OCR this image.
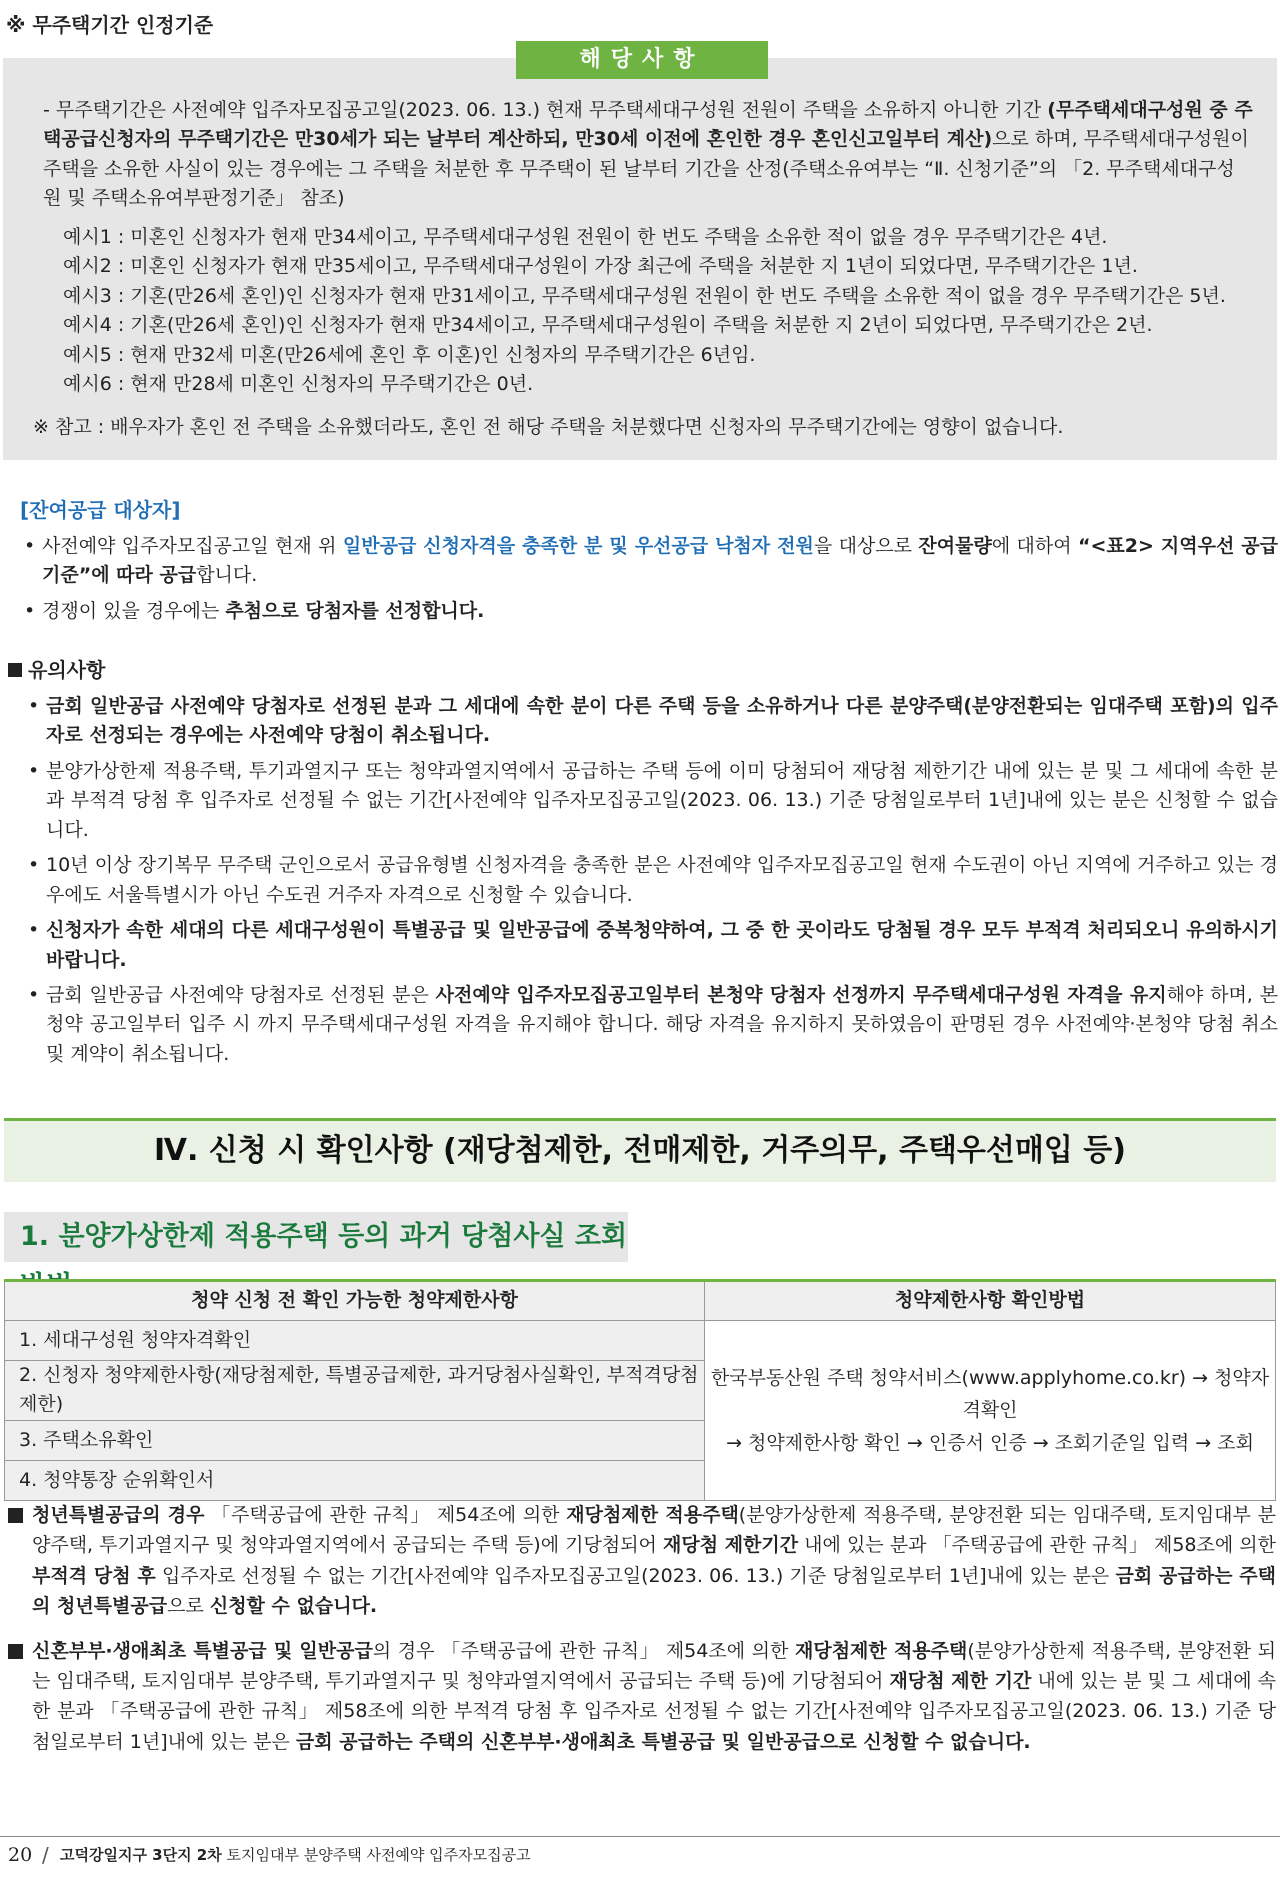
※ 무주택기간 인정기준
해당사항
- 무주택기간은 사전예약 입주자모집공고일(2023. 06. 13.) 현재 무주택세대구성원 전원이 주택을 소유하지 아니한 기간 (무주택세대구성원 중 주택공급신청자의 무주택기간은 만30세가 되는 날부터 계산하되, 만30세 이전에 혼인한 경우 혼인신고일부터 계산)으로 하며, 무주택세대구성원이 주택을 소유한 사실이 있는 경우에는 그 주택을 처분한 후 무주택이 된 날부터 기간을 산정(주택소유여부는 “Ⅱ. 신청기준”의 「2. 무주택세대구성원 및 주택소유여부판정기준」 참조)
예시1 : 미혼인 신청자가 현재 만34세이고, 무주택세대구성원 전원이 한 번도 주택을 소유한 적이 없을 경우 무주택기간은 4년.
예시2 : 미혼인 신청자가 현재 만35세이고, 무주택세대구성원이 가장 최근에 주택을 처분한 지 1년이 되었다면, 무주택기간은 1년.
예시3 : 기혼(만26세 혼인)인 신청자가 현재 만31세이고, 무주택세대구성원 전원이 한 번도 주택을 소유한 적이 없을 경우 무주택기간은 5년.
예시4 : 기혼(만26세 혼인)인 신청자가 현재 만34세이고, 무주택세대구성원이 주택을 처분한 지 2년이 되었다면, 무주택기간은 2년.
예시5 : 현재 만32세 미혼(만26세에 혼인 후 이혼)인 신청자의 무주택기간은 6년임.
예시6 : 현재 만28세 미혼인 신청자의 무주택기간은 0년.
※ 참고 : 배우자가 혼인 전 주택을 소유했더라도, 혼인 전 해당 주택을 처분했다면 신청자의 무주택기간에는 영향이 없습니다.
[잔여공급 대상자]
• 사전예약 입주자모집공고일 현재 위 일반공급 신청자격을 충족한 분 및 우선공급 낙첨자 전원을 대상으로 잔여물량에 대하여 “<표2> 지역우선 공급기준”에 따라 공급합니다.
• 경쟁이 있을 경우에는 추첨으로 당첨자를 선정합니다.
유의사항
• 금회 일반공급 사전예약 당첨자로 선정된 분과 그 세대에 속한 분이 다른 주택 등을 소유하거나 다른 분양주택(분양전환되는 임대주택 포함)의 입주자로 선정되는 경우에는 사전예약 당첨이 취소됩니다.
• 분양가상한제 적용주택, 투기과열지구 또는 청약과열지역에서 공급하는 주택 등에 이미 당첨되어 재당첨 제한기간 내에 있는 분 및 그 세대에 속한 분과 부적격 당첨 후 입주자로 선정될 수 없는 기간[사전예약 입주자모집공고일(2023. 06. 13.) 기준 당첨일로부터 1년]내에 있는 분은 신청할 수 없습니다.
• 10년 이상 장기복무 무주택 군인으로서 공급유형별 신청자격을 충족한 분은 사전예약 입주자모집공고일 현재 수도권이 아닌 지역에 거주하고 있는 경우에도 서울특별시가 아닌 수도권 거주자 자격으로 신청할 수 있습니다.
• 신청자가 속한 세대의 다른 세대구성원이 특별공급 및 일반공급에 중복청약하여, 그 중 한 곳이라도 당첨될 경우 모두 부적격 처리되오니 유의하시기 바랍니다.
• 금회 일반공급 사전예약 당첨자로 선정된 분은 사전예약 입주자모집공고일부터 본청약 당첨자 선정까지 무주택세대구성원 자격을 유지해야 하며, 본청약 공고일부터 입주 시 까지 무주택세대구성원 자격을 유지해야 합니다. 해당 자격을 유지하지 못하였음이 판명된 경우 사전예약·본청약 당첨 취소 및 계약이 취소됩니다.
Ⅳ. 신청 시 확인사항 (재당첨제한, 전매제한, 거주의무, 주택우선매입 등)
1. 분양가상한제 적용주택 등의 과거 당첨사실 조회
청약 신청 전 확인 가능한 청약제한사항	청약제한사항 확인방법
1. 세대구성원 청약자격확인	한국부동산원 주택 청약서비스(www.applyhome.co.kr) → 청약자격확인
→ 청약제한사항 확인 → 인증서 인증 → 조회기준일 입력 → 조회

2. 신청자 청약제한사항(재당첨제한, 특별공급제한, 과거당첨사실확인, 부적격당첨제한)	
3. 주택소유확인	
4. 청약통장 순위확인서	
청년특별공급의 경우 「주택공급에 관한 규칙」 제54조에 의한 재당첨제한 적용주택(분양가상한제 적용주택, 분양전환 되는 임대주택, 토지임대부 분양주택, 투기과열지구 및 청약과열지역에서 공급되는 주택 등)에 기당첨되어 재당첨 제한기간 내에 있는 분과 「주택공급에 관한 규칙」 제58조에 의한 부적격 당첨 후 입주자로 선정될 수 없는 기간[사전예약 입주자모집공고일(2023. 06. 13.) 기준 당첨일로부터 1년]내에 있는 분은 금회 공급하는 주택의 청년특별공급으로 신청할 수 없습니다.
신혼부부·생애최초 특별공급 및 일반공급의 경우 「주택공급에 관한 규칙」 제54조에 의한 재당첨제한 적용주택(분양가상한제 적용주택, 분양전환 되는 임대주택, 토지임대부 분양주택, 투기과열지구 및 청약과열지역에서 공급되는 주택 등)에 기당첨되어 재당첨 제한 기간 내에 있는 분 및 그 세대에 속한 분과 「주택공급에 관한 규칙」 제58조에 의한 부적격 당첨 후 입주자로 선정될 수 없는 기간[사전예약 입주자모집공고일(2023. 06. 13.) 기준 당첨일로부터 1년]내에 있는 분은 금회 공급하는 주택의 신혼부부·생애최초 특별공급 및 일반공급으로 신청할 수 없습니다.
20 / 고덕강일지구 3단지 2차 토지임대부 분양주택 사전예약 입주자모집공고
